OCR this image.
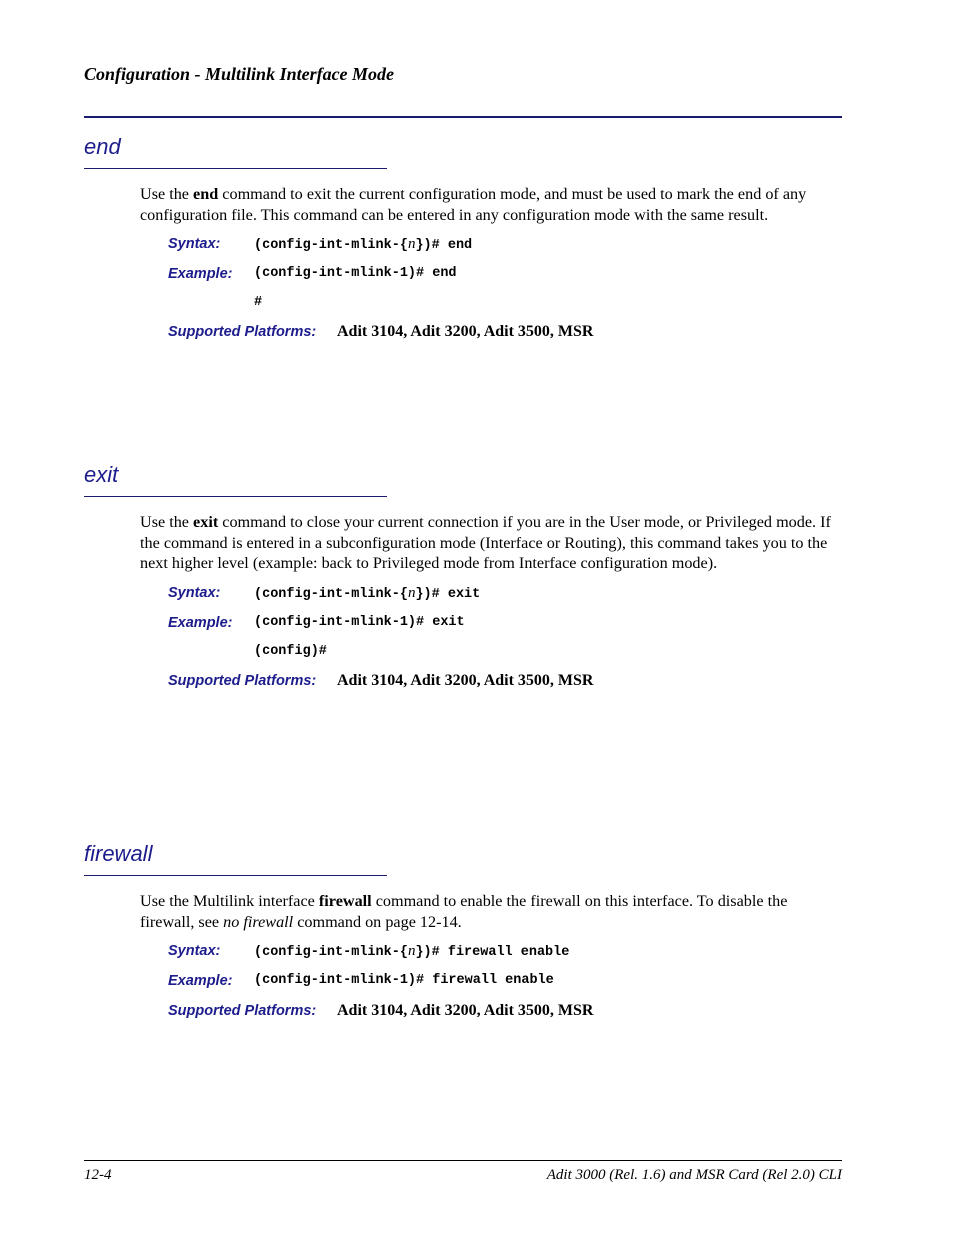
Configuration - Multilink Interface Mode
end
Use the end command to exit the current configuration mode, and must be used to mark the end of any configuration file. This command can be entered in any configuration mode with the same result.
Syntax: (config-int-mlink-{n})# end
Example: (config-int-mlink-1)# end
#
Supported Platforms: Adit 3104, Adit 3200, Adit 3500, MSR
exit
Use the exit command to close your current connection if you are in the User mode, or Privileged mode. If the command is entered in a subconfiguration mode (Interface or Routing), this command takes you to the next higher level (example: back to Privileged mode from Interface configuration mode).
Syntax: (config-int-mlink-{n})# exit
Example: (config-int-mlink-1)# exit
(config)#
Supported Platforms: Adit 3104, Adit 3200, Adit 3500, MSR
firewall
Use the Multilink interface firewall command to enable the firewall on this interface. To disable the firewall, see no firewall command on page 12-14.
Syntax: (config-int-mlink-{n})# firewall enable
Example: (config-int-mlink-1)# firewall enable
Supported Platforms: Adit 3104, Adit 3200, Adit 3500, MSR
12-4	Adit 3000 (Rel. 1.6) and MSR Card (Rel 2.0) CLI
